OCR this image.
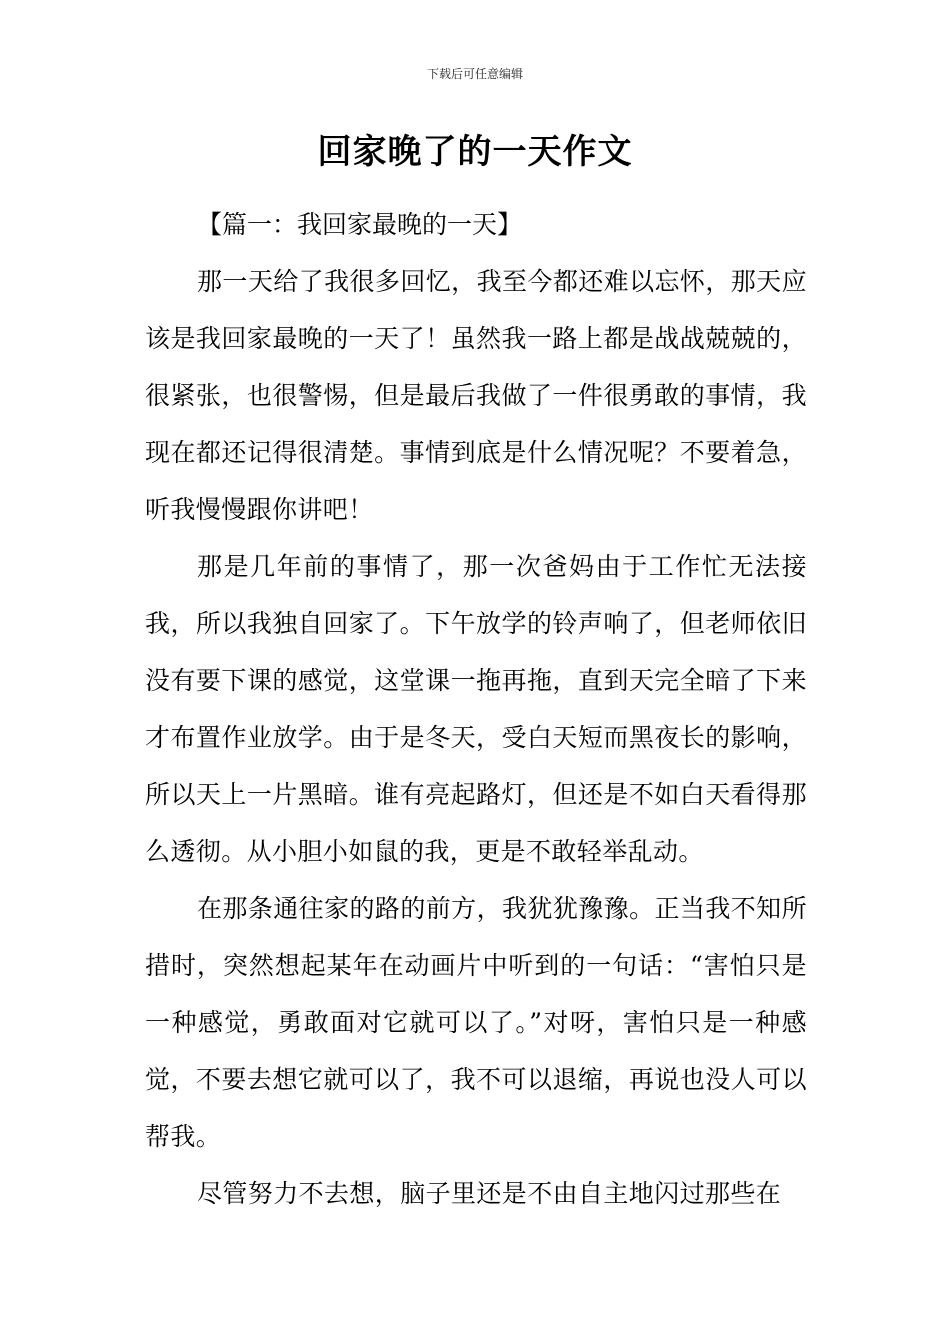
下载后可任意编辑
回家晚了的一天作文

【篇一：我回家最晚的一天】

那一天给了我很多回忆，我至今都还难以忘怀，那天应该是我回家最晚的一天了！虽然我一路上都是战战兢兢的，很紧张，也很警惕，但是最后我做了一件很勇敢的事情，我现在都还记得很清楚。事情到底是什么情况呢？不要着急，听我慢慢跟你讲吧！

那是几年前的事情了，那一次爸妈由于工作忙无法接我，所以我独自回家了。下午放学的铃声响了，但老师依旧没有要下课的感觉，这堂课一拖再拖，直到天完全暗了下来才布置作业放学。由于是冬天，受白天短而黑夜长的影响，所以天上一片黑暗。谁有亮起路灯，但还是不如白天看得那么透彻。从小胆小如鼠的我，更是不敢轻举乱动。

在那条通往家的路的前方，我犹犹豫豫。正当我不知所措时，突然想起某年在动画片中听到的一句话：“害怕只是一种感觉，勇敢面对它就可以了。”对呀，害怕只是一种感觉，不要去想它就可以了，我不可以退缩，再说也没人可以帮我。

尽管努力不去想，脑子里还是不由自主地闪过那些在
